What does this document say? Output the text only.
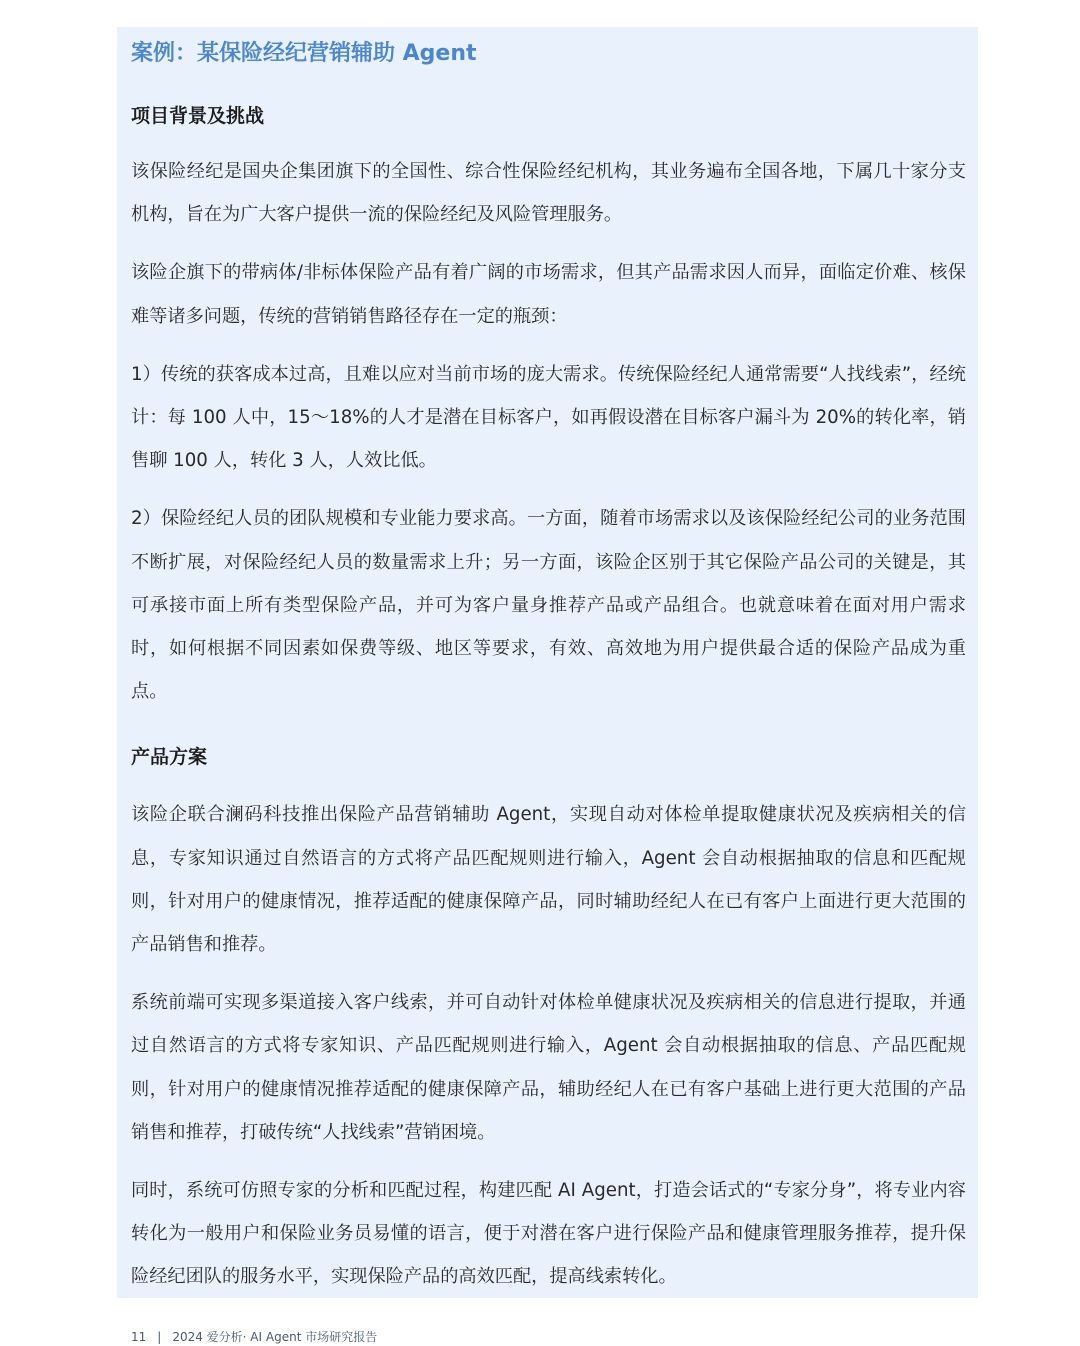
案例：某保险经纪营销辅助 Agent
项目背景及挑战

该保险经纪是国央企集团旗下的全国性、综合性保险经纪机构，其业务遍布全国各地，下属几十家分支机构，旨在为广大客户提供一流的保险经纪及风险管理服务。

该险企旗下的带病体/非标体保险产品有着广阔的市场需求，但其产品需求因人而异，面临定价难、核保难等诸多问题，传统的营销销售路径存在一定的瓶颈：

1）传统的获客成本过高，且难以应对当前市场的庞大需求。传统保险经纪人通常需要“人找线索”，经统计：每 100 人中，15～18%的人才是潜在目标客户，如再假设潜在目标客户漏斗为 20%的转化率，销售聊 100 人，转化 3 人，人效比低。

2）保险经纪人员的团队规模和专业能力要求高。一方面，随着市场需求以及该保险经纪公司的业务范围不断扩展，对保险经纪人员的数量需求上升；另一方面，该险企区别于其它保险产品公司的关键是，其可承接市面上所有类型保险产品，并可为客户量身推荐产品或产品组合。也就意味着在面对用户需求时，如何根据不同因素如保费等级、地区等要求，有效、高效地为用户提供最合适的保险产品成为重点。

产品方案

该险企联合澜码科技推出保险产品营销辅助 Agent，实现自动对体检单提取健康状况及疾病相关的信息，专家知识通过自然语言的方式将产品匹配规则进行输入，Agent 会自动根据抽取的信息和匹配规则，针对用户的健康情况，推荐适配的健康保障产品，同时辅助经纪人在已有客户上面进行更大范围的产品销售和推荐。

系统前端可实现多渠道接入客户线索，并可自动针对体检单健康状况及疾病相关的信息进行提取，并通过自然语言的方式将专家知识、产品匹配规则进行输入，Agent 会自动根据抽取的信息、产品匹配规则，针对用户的健康情况推荐适配的健康保障产品，辅助经纪人在已有客户基础上进行更大范围的产品销售和推荐，打破传统“人找线索”营销困境。

同时，系统可仿照专家的分析和匹配过程，构建匹配 AI Agent，打造会话式的“专家分身”，将专业内容转化为一般用户和保险业务员易懂的语言，便于对潜在客户进行保险产品和健康管理服务推荐，提升保险经纪团队的服务水平，实现保险产品的高效匹配，提高线索转化。

11 | 2024 爱分析· AI Agent 市场研究报告
